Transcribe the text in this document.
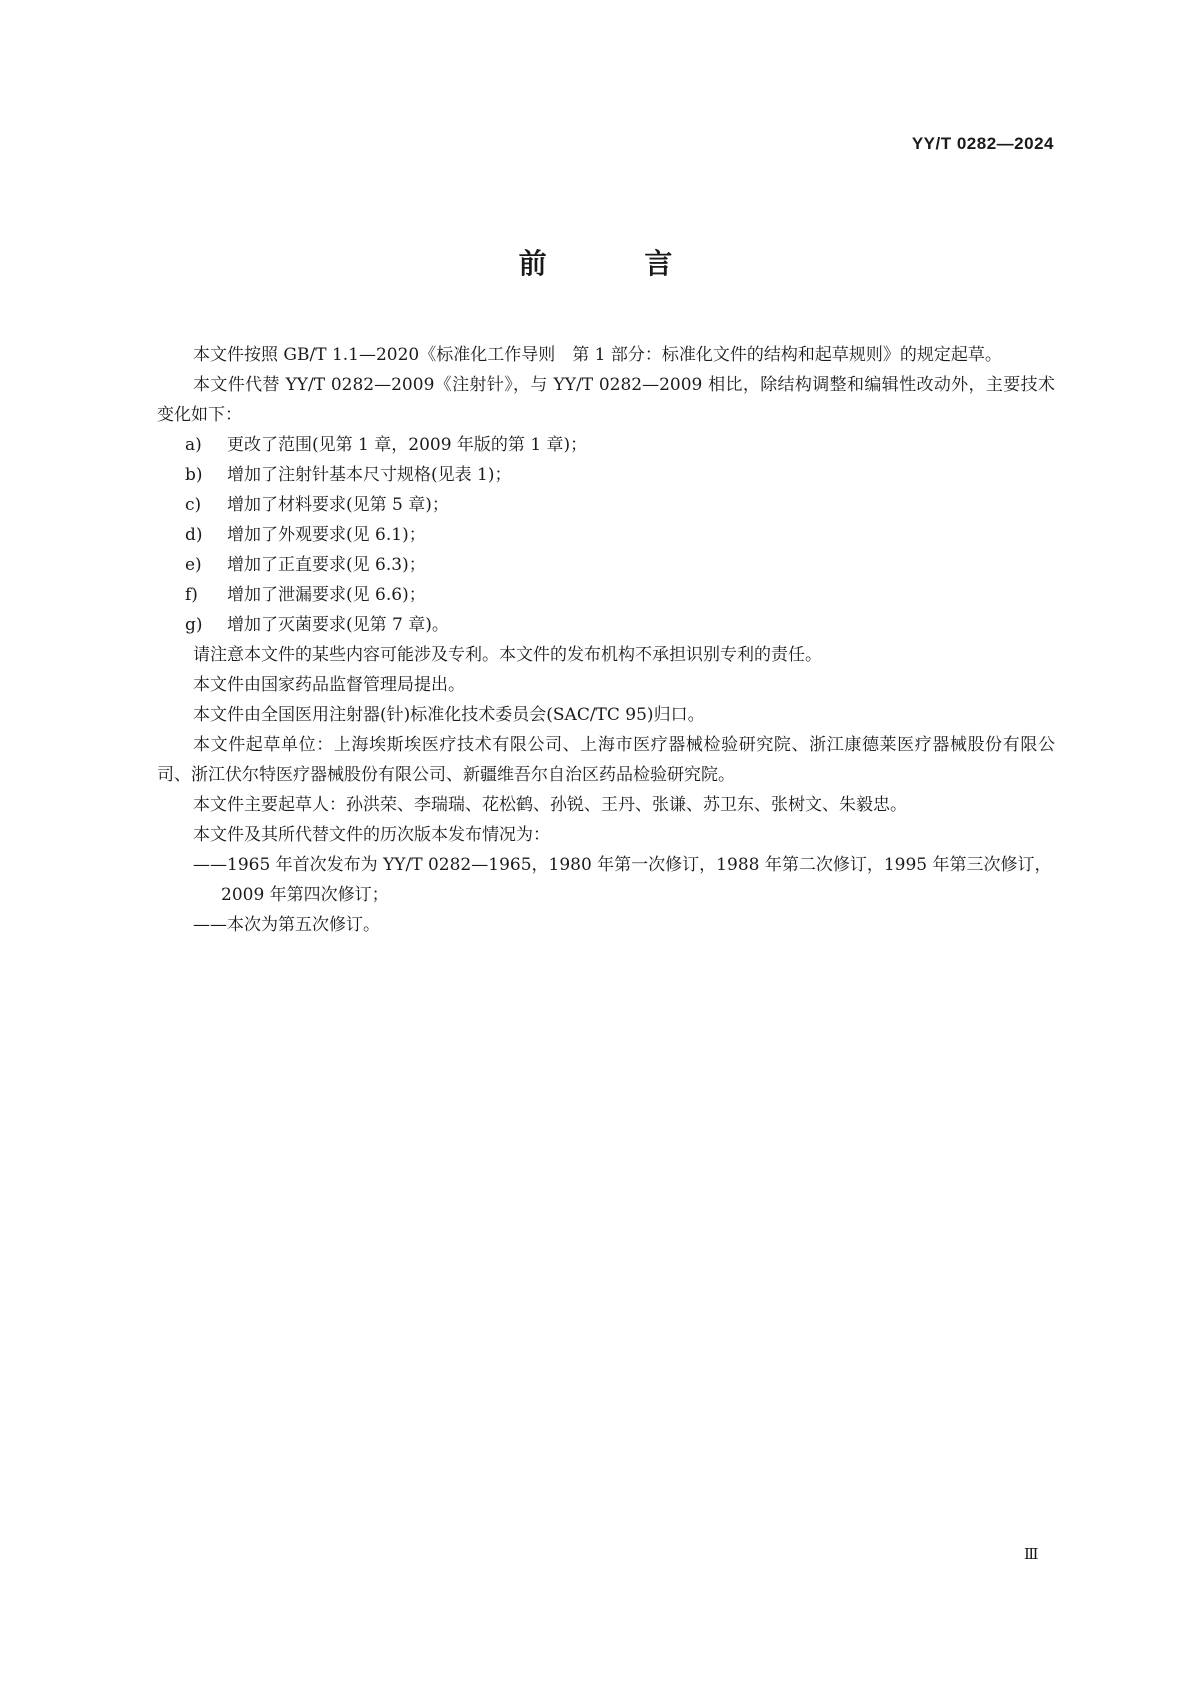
YY/T 0282—2024
前 言

本文件按照 GB/T 1.1—2020《标准化工作导则　第 1 部分：标准化文件的结构和起草规则》的规定起草。

本文件代替 YY/T 0282—2009《注射针》，与 YY/T 0282—2009 相比，除结构调整和编辑性改动外，主要技术变化如下：

a)	更改了范围(见第 1 章，2009 年版的第 1 章)；
b)	增加了注射针基本尺寸规格(见表 1)；
c)	增加了材料要求(见第 5 章)；
d)	增加了外观要求(见 6.1)；
e)	增加了正直要求(见 6.3)；
f)	增加了泄漏要求(见 6.6)；
g)	增加了灭菌要求(见第 7 章)。

请注意本文件的某些内容可能涉及专利。本文件的发布机构不承担识别专利的责任。

本文件由国家药品监督管理局提出。

本文件由全国医用注射器(针)标准化技术委员会(SAC/TC 95)归口。

本文件起草单位：上海埃斯埃医疗技术有限公司、上海市医疗器械检验研究院、浙江康德莱医疗器械股份有限公司、浙江伏尔特医疗器械股份有限公司、新疆维吾尔自治区药品检验研究院。

本文件主要起草人：孙洪荣、李瑞瑞、花松鹤、孙锐、王丹、张谦、苏卫东、张树文、朱毅忠。

本文件及其所代替文件的历次版本发布情况为：

——1965 年首次发布为 YY/T 0282—1965，1980 年第一次修订，1988 年第二次修订，1995 年第三次修订，2009 年第四次修订；

——本次为第五次修订。

Ⅲ
